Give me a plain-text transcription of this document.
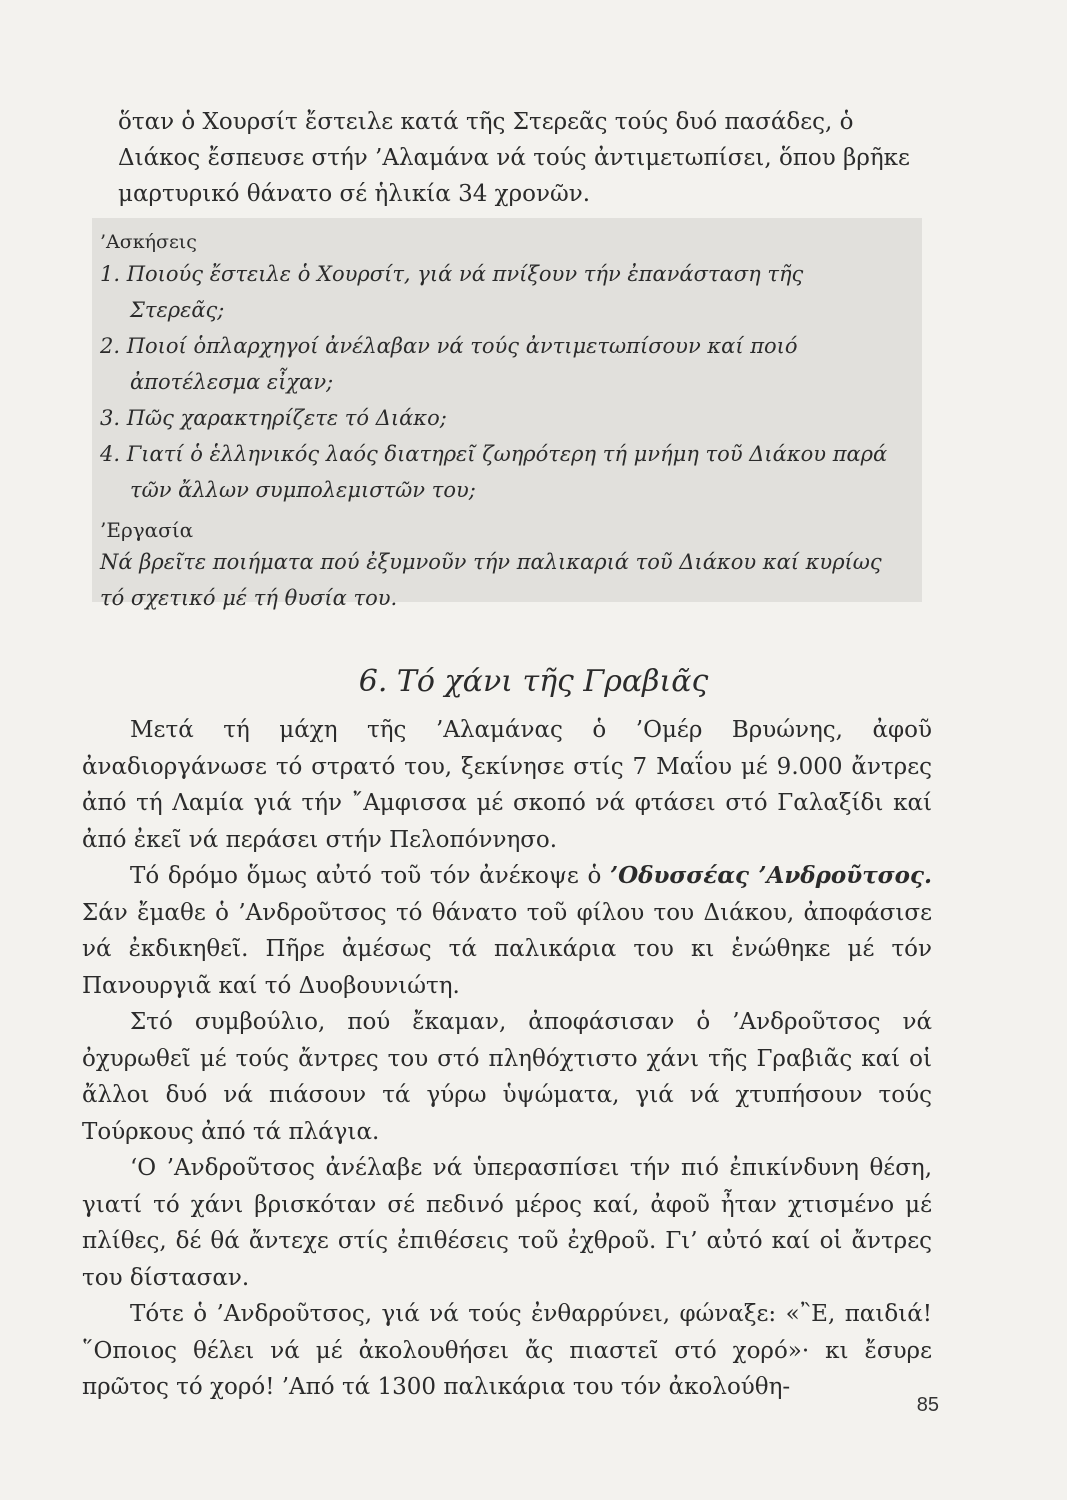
ὅταν ὁ Χουρσίτ ἔστειλε κατά τῆς Στερεᾶς τούς δυό πασάδες, ὁ Διάκος ἔσπευσε στήν ’Αλαμάνα νά τούς ἀντιμετωπίσει, ὅπου βρῆκε μαρτυρικό θάνατο σέ ἡλικία 34 χρονῶν.

’Ασκήσεις
1. Ποιούς ἔστειλε ὁ Χουρσίτ, γιά νά πνίξουν τήν ἐπανάσταση τῆς Στερεᾶς;
2. Ποιοί ὁπλαρχηγοί ἀνέλαβαν νά τούς ἀντιμετωπίσουν καί ποιό ἀποτέλεσμα εἶχαν;
3. Πῶς χαρακτηρίζετε τό Διάκο;
4. Γιατί ὁ ἑλληνικός λαός διατηρεῖ ζωηρότερη τή μνήμη τοῦ Διάκου παρά τῶν ἄλλων συμπολεμιστῶν του;
’Εργασία

Νά βρεῖτε ποιήματα πού ἐξυμνοῦν τήν παλικαριά τοῦ Διάκου καί κυρίως τό σχετικό μέ τή θυσία του.

6. Τό χάνι τῆς Γραβιᾶς

Μετά τή μάχη τῆς ’Αλαμάνας ὁ ’Ομέρ Βρυώνης, ἀφοῦ ἀναδιοργάνωσε τό στρατό του, ξεκίνησε στίς 7 Μαΐου μέ 9.000 ἄντρες ἀπό τή Λαμία γιά τήν ῎Αμφισσα μέ σκοπό νά φτάσει στό Γαλαξίδι καί ἀπό ἐκεῖ νά περάσει στήν Πελοπόννησο.

Τό δρόμο ὅμως αὐτό τοῦ τόν ἀνέκοψε ὁ ’Οδυσσέας ’Ανδροῦτσος. Σάν ἔμαθε ὁ ’Ανδροῦτσος τό θάνατο τοῦ φίλου του Διάκου, ἀποφάσισε νά ἐκδικηθεῖ. Πῆρε ἀμέσως τά παλικάρια του κι ἑνώθηκε μέ τόν Πανουργιᾶ καί τό Δυοβουνιώτη.

Στό συμβούλιο, πού ἔκαμαν, ἀποφάσισαν ὁ ’Ανδροῦτσος νά ὀχυρωθεῖ μέ τούς ἄντρες του στό πληθόχτιστο χάνι τῆς Γραβιᾶς καί οἱ ἄλλοι δυό νά πιάσουν τά γύρω ὑψώματα, γιά νά χτυπήσουν τούς Τούρκους ἀπό τά πλάγια.

‘Ο ’Ανδροῦτσος ἀνέλαβε νά ὑπερασπίσει τήν πιό ἐπικίνδυνη θέση, γιατί τό χάνι βρισκόταν σέ πεδινό μέρος καί, ἀφοῦ ἦταν χτισμένο μέ πλίθες, δέ θά ἄντεχε στίς ἐπιθέσεις τοῦ ἐχθροῦ. Γι’ αὐτό καί οἱ ἄντρες του δίστασαν.

Τότε ὁ ’Ανδροῦτσος, γιά νά τούς ἐνθαρρύνει, φώναξε: «῍Ε, παιδιά! ῞Οποιος θέλει νά μέ ἀκολουθήσει ἄς πιαστεῖ στό χορό»· κι ἔσυρε πρῶτος τό χορό! ’Από τά 1300 παλικάρια του τόν ἀκολούθη-

85
